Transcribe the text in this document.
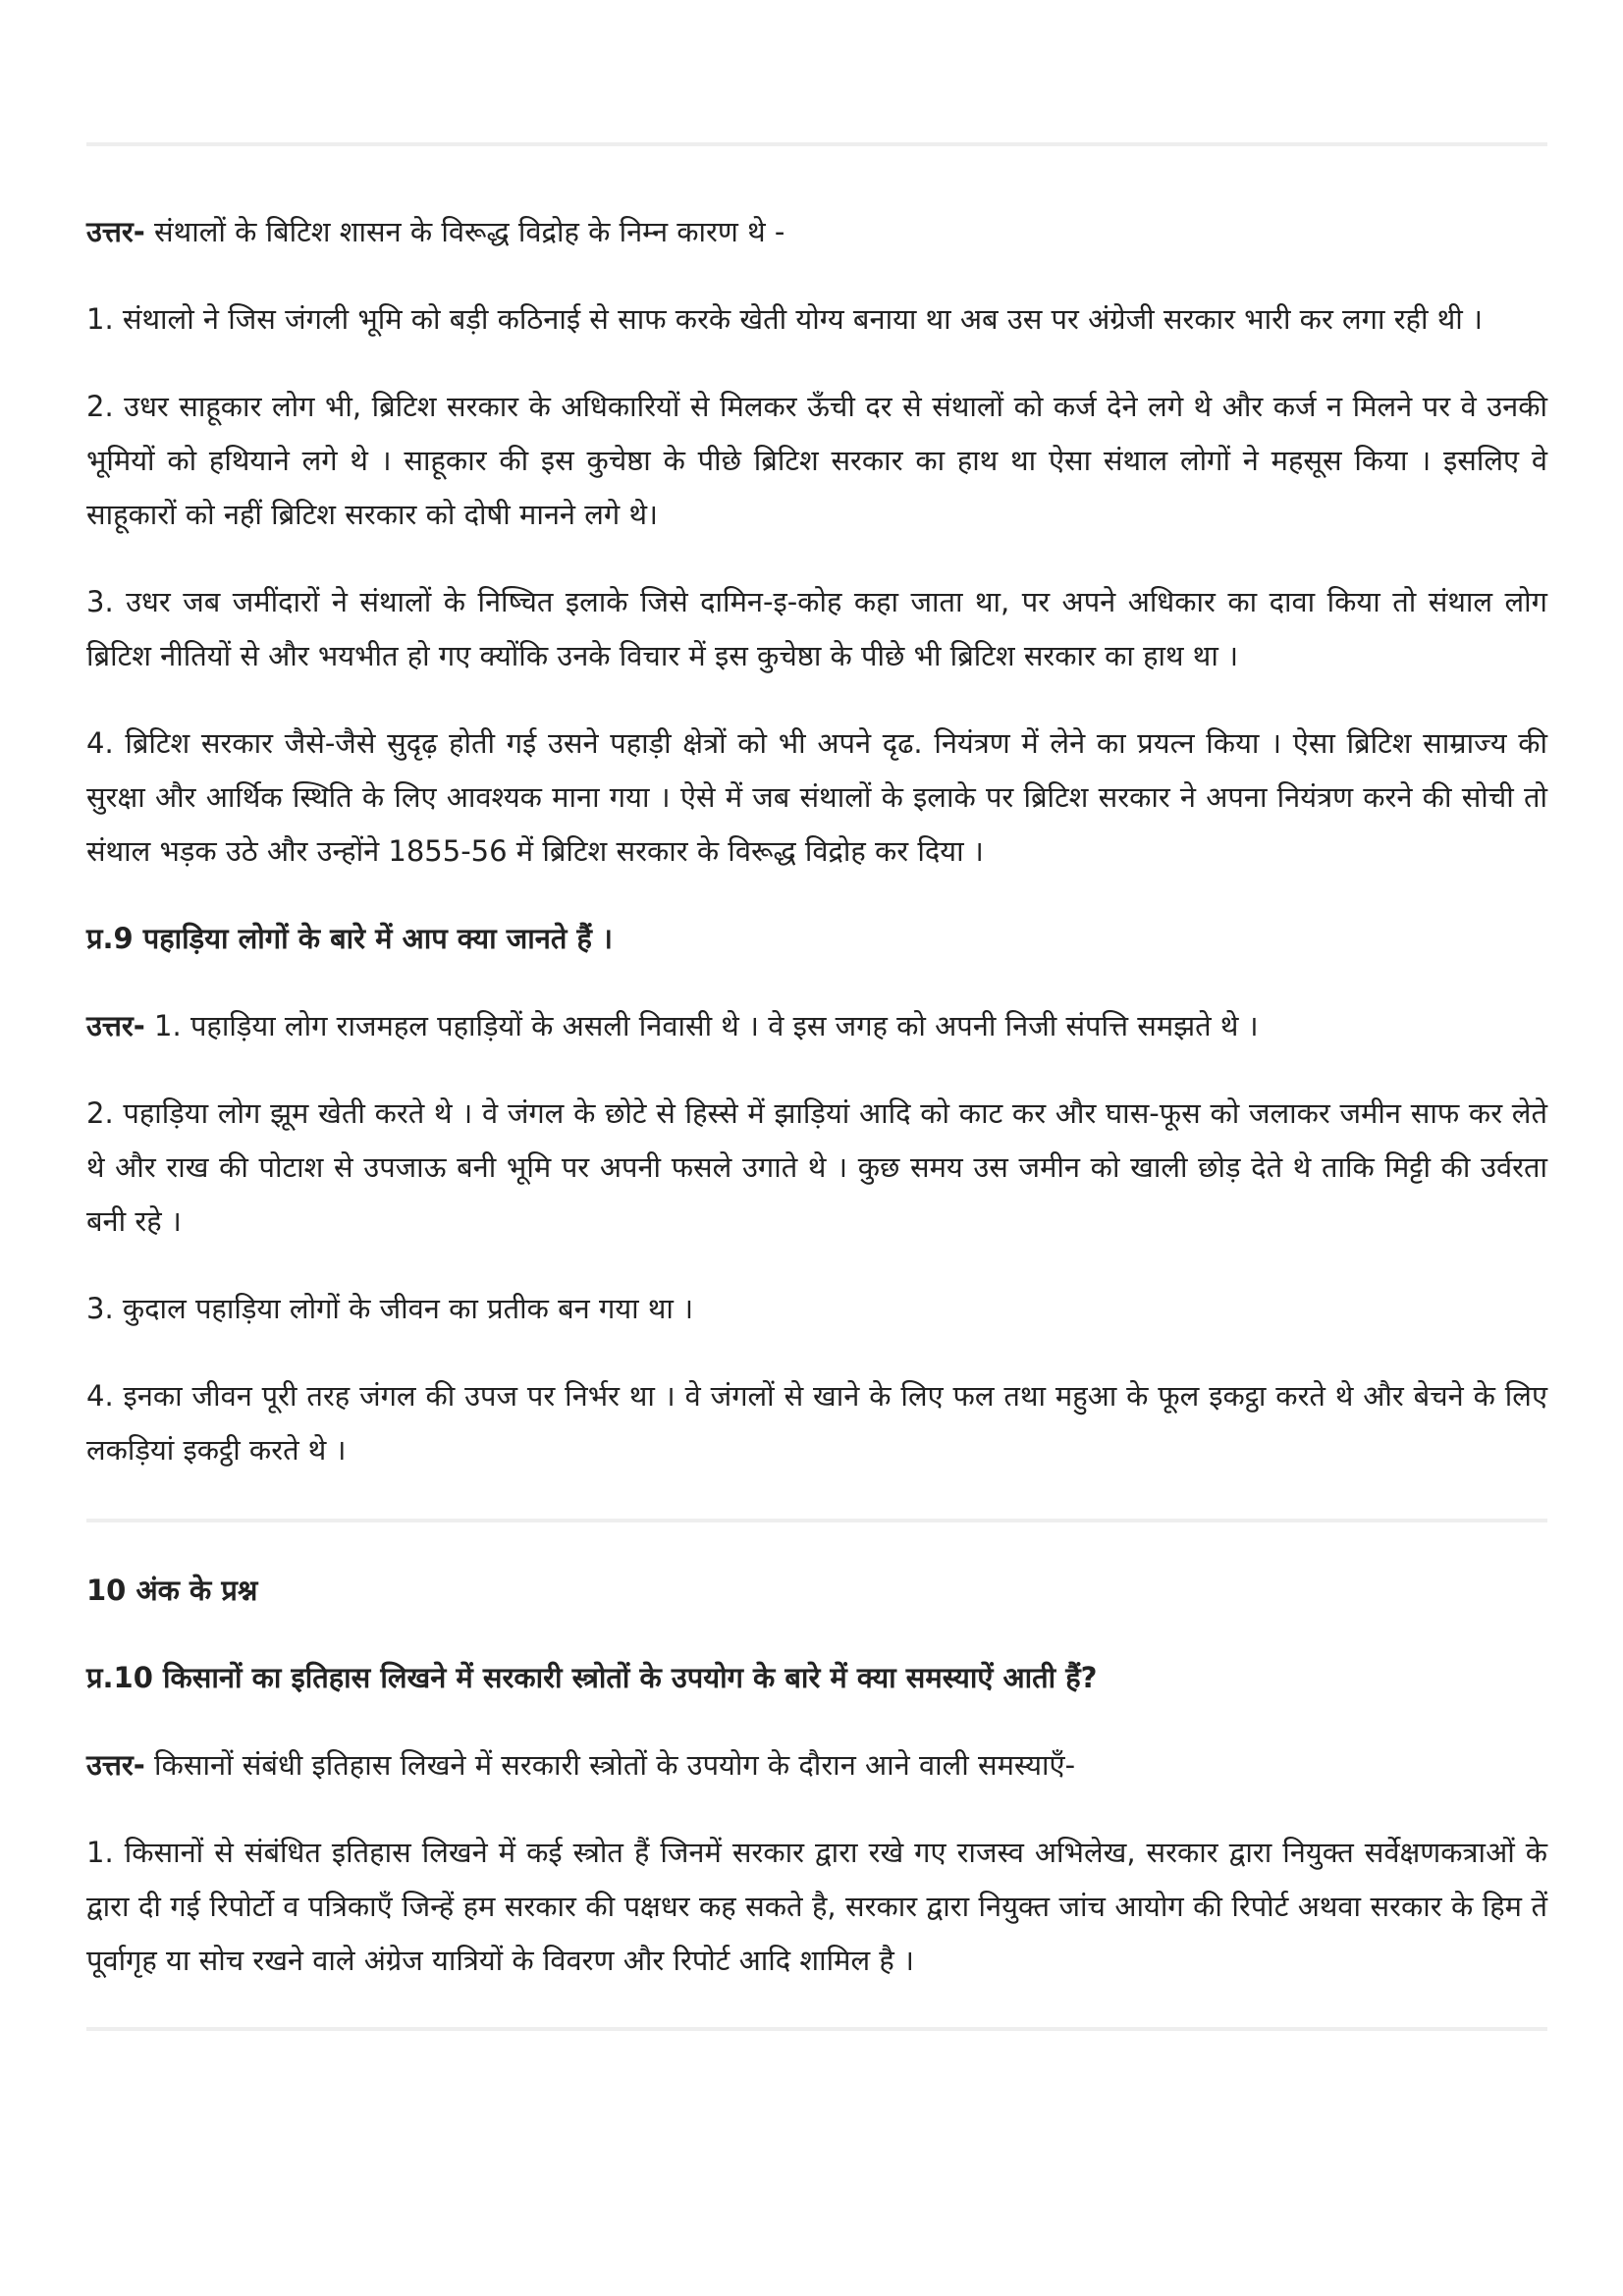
उत्तर- संथालों के बिटिश शासन के विरूद्ध विद्रोह के निम्न कारण थे -

1. संथालो ने जिस जंगली भूमि को बड़ी कठिनाई से साफ करके खेती योग्य बनाया था अब उस पर अंग्रेजी सरकार भारी कर लगा रही थी ।

2. उधर साहूकार लोग भी, ब्रिटिश सरकार के अधिकारियों से मिलकर ऊँची दर से संथालों को कर्ज देने लगे थे और कर्ज न मिलने पर वे उनकी भूमियों को हथियाने लगे थे । साहूकार की इस कुचेष्ठा के पीछे ब्रिटिश सरकार का हाथ था ऐसा संथाल लोगों ने महसूस किया । इसलिए वे साहूकारों को नहीं ब्रिटिश सरकार को दोषी मानने लगे थे।

3. उधर जब जमींदारों ने संथालों के निष्चित इलाके जिसे दामिन-इ-कोह कहा जाता था, पर अपने अधिकार का दावा किया तो संथाल लोग ब्रिटिश नीतियों से और भयभीत हो गए क्योंकि उनके विचार में इस कुचेष्ठा के पीछे भी ब्रिटिश सरकार का हाथ था ।

4. ब्रिटिश सरकार जैसे-जैसे सुदृढ़ होती गई उसने पहाड़ी क्षेत्रों को भी अपने दृढ. नियंत्रण में लेने का प्रयत्न किया । ऐसा ब्रिटिश साम्राज्य की सुरक्षा और आर्थिक स्थिति के लिए आवश्यक माना गया । ऐसे में जब संथालों के इलाके पर ब्रिटिश सरकार ने अपना नियंत्रण करने की सोची तो संथाल भड़क उठे और उन्होंने 1855-56 में ब्रिटिश सरकार के विरूद्ध विद्रोह कर दिया ।

प्र.9 पहाड़िया लोगों के बारे में आप क्या जानते हैं ।

उत्तर- 1. पहाड़िया लोग राजमहल पहाड़ियों के असली निवासी थे । वे इस जगह को अपनी निजी संपत्ति समझते थे ।

2. पहाड़िया लोग झूम खेती करते थे । वे जंगल के छोटे से हिस्से में झाड़ियां आदि को काट कर और घास-फूस को जलाकर जमीन साफ कर लेते थे और राख की पोटाश से उपजाऊ बनी भूमि पर अपनी फसले उगाते थे । कुछ समय उस जमीन को खाली छोड़ देते थे ताकि मिट्टी की उर्वरता बनी रहे ।

3. कुदाल पहाड़िया लोगों के जीवन का प्रतीक बन गया था ।

4. इनका जीवन पूरी तरह जंगल की उपज पर निर्भर था । वे जंगलों से खाने के लिए फल तथा महुआ के फूल इकट्ठा करते थे और बेचने के लिए लकड़ियां इकट्ठी करते थे ।

10 अंक के प्रश्न

प्र.10 किसानों का इतिहास लिखने में सरकारी स्त्रोतों के उपयोग के बारे में क्या समस्याऐं आती हैं?

उत्तर- किसानों संबंधी इतिहास लिखने में सरकारी स्त्रोतों के उपयोग के दौरान आने वाली समस्याएँ-

1. किसानों से संबंधित इतिहास लिखने में कई स्त्रोत हैं जिनमें सरकार द्वारा रखे गए राजस्व अभिलेख, सरकार द्वारा नियुक्त सर्वेक्षणकत्राओं के द्वारा दी गई रिपोर्टो व पत्रिकाएँ जिन्हें हम सरकार की पक्षधर कह सकते है, सरकार द्वारा नियुक्त जांच आयोग की रिपोर्ट अथवा सरकार के हिम तें पूर्वागृह या सोच रखने वाले अंग्रेज यात्रियों के विवरण और रिपोर्ट आदि शामिल है ।
